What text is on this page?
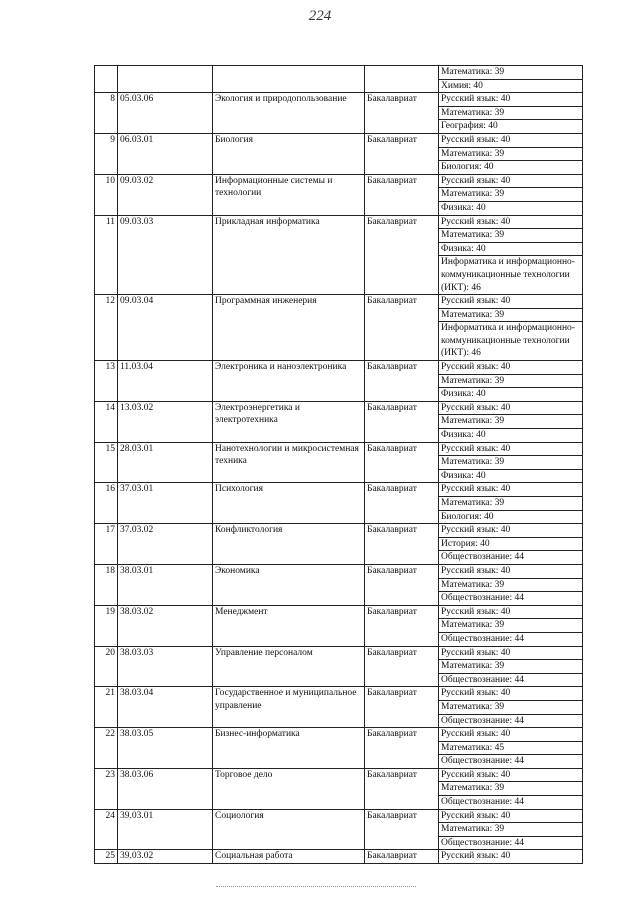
224
				Математика: 39
				Химия: 40
8	05.03.06	Экология и природопользование	Бакалавриат	Русский язык: 40
				Математика: 39
				География: 40
9	06.03.01	Биология	Бакалавриат	Русский язык: 40
				Математика: 39
				Биология: 40
10	09.03.02	Информационные системы и технологии	Бакалавриат	Русский язык: 40
				Математика: 39
				Физика: 40
11	09.03.03	Прикладная информатика	Бакалавриат	Русский язык: 40
				Математика: 39
				Физика: 40
				Информатика и информационно-коммуникационные технологии (ИКТ): 46
12	09.03.04	Программная инженерия	Бакалавриат	Русский язык: 40
				Математика: 39
				Информатика и информационно-коммуникационные технологии (ИКТ): 46
13	11.03.04	Электроника и наноэлектроника	Бакалавриат	Русский язык: 40
				Математика: 39
				Физика: 40
14	13.03.02	Электроэнергетика и электротехника	Бакалавриат	Русский язык: 40
				Математика: 39
				Физика: 40
15	28.03.01	Нанотехнологии и микросистемная техника	Бакалавриат	Русский язык: 40
				Математика: 39
				Физика: 40
16	37.03.01	Психология	Бакалавриат	Русский язык: 40
				Математика: 39
				Биология: 40
17	37.03.02	Конфликтология	Бакалавриат	Русский язык: 40
				История: 40
				Обществознание: 44
18	38.03.01	Экономика	Бакалавриат	Русский язык: 40
				Математика: 39
				Обществознание: 44
19	38.03.02	Менеджмент	Бакалавриат	Русский язык: 40
				Математика: 39
				Обществознание: 44
20	38.03.03	Управление персоналом	Бакалавриат	Русский язык: 40
				Математика: 39
				Обществознание: 44
21	38.03.04	Государственное и муниципальное управление	Бакалавриат	Русский язык: 40
				Математика: 39
				Обществознание: 44
22	38.03.05	Бизнес-информатика	Бакалавриат	Русский язык: 40
				Математика: 45
				Обществознание: 44
23	38.03.06	Торговое дело	Бакалавриат	Русский язык: 40
				Математика: 39
				Обществознание: 44
24	39.03.01	Социология	Бакалавриат	Русский язык: 40
				Математика: 39
				Обществознание: 44
25	39.03.02	Социальная работа	Бакалавриат	Русский язык: 40
